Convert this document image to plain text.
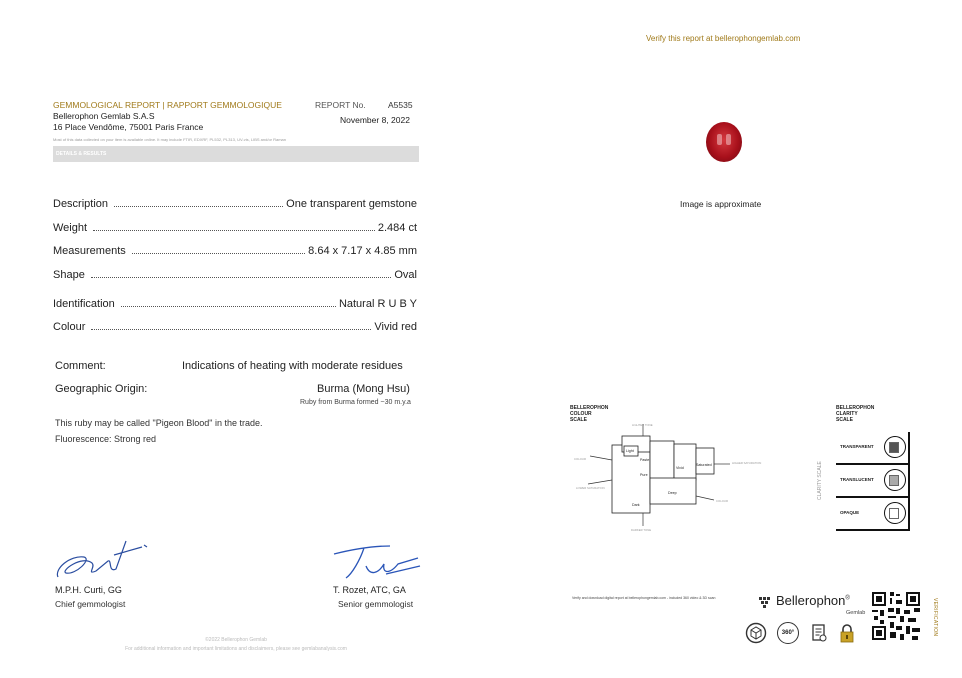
Verify this report at bellerophongemlab.com
GEMMOLOGICAL REPORT | RAPPORT GEMMOLOGIQUE	REPORT No.	A5535
Bellerophon Gemlab S.A.S
16 Place Vendôme, 75001 Paris France
November 8, 2022
Most of this data collected on your item is available online. It may include FTIR, EDXRF, PL532, PL313, UV-vis, LIBS and/or Raman
DETAILS & RESULTS
Description	One transparent gemstone
Weight	2.484 ct
Measurements	8.64 x 7.17 x 4.85 mm
Shape	Oval
Identification	Natural R U B Y
Colour	Vivid red
Comment:	Indications of heating with moderate residues
Geographic Origin:	Burma (Mong Hsu)
Ruby from Burma formed ~30 m.y.a
This ruby may be called "Pigeon Blood" in the trade.
Fluorescence: Strong red
Image is approximate
BELLEROPHON
COLOUR
SCALE
Light
Pastel
Pure
Vivid
Saturated
Dark
Deep
LIGHTER TONE
DARKER TONE
COLOUR
LOWER SATURATION
HIGHER SATURATION
COLOUR
BELLEROPHON
CLARITY
SCALE
CLARITY SCALE
TRANSPARENT
TRANSLUCENT
OPAQUE
M.P.H. Curti, GG
Chief gemmologist
T. Rozet, ATC, GA
Senior gemmologist
©2022 Bellerophon Gemlab
For additional information and important limitations and disclaimers, please see gemlabanalysis.com
Verify and download digital report at bellerophongemlab.com - included 360 video & 3D scan	Bellerophon®
Gemlab
360°	VERIFICATION
